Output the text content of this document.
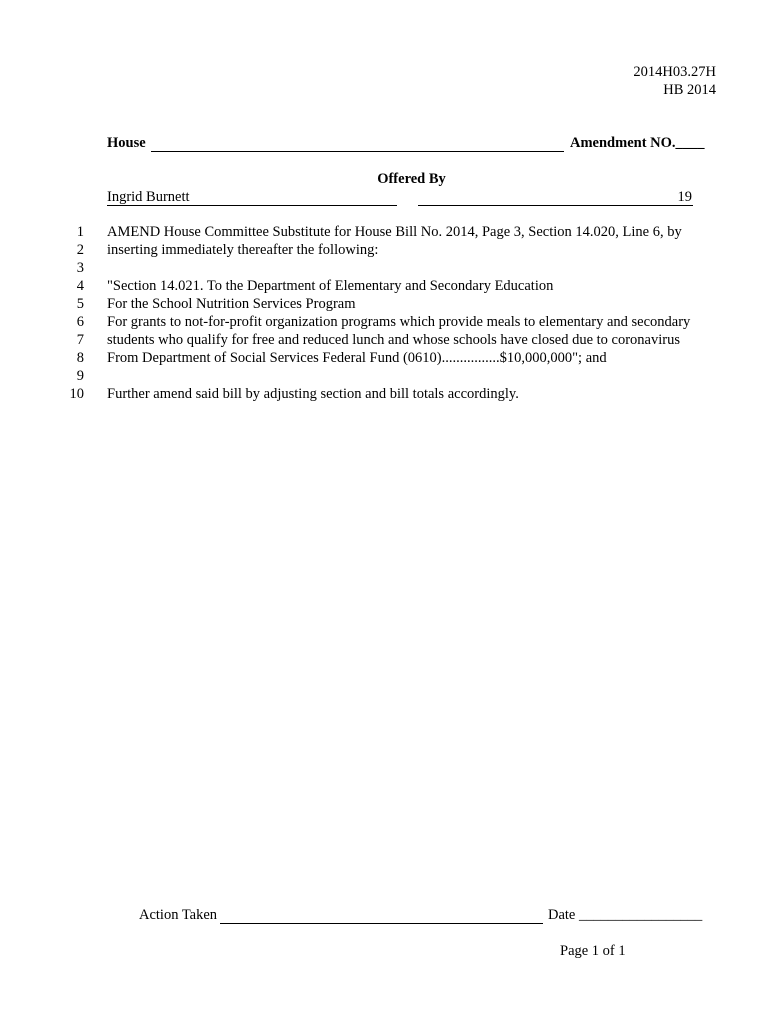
2014H03.27H
HB 2014
House	Amendment NO.____
Offered By
Ingrid Burnett	19
1 AMEND House Committee Substitute for House Bill No. 2014, Page 3, Section 14.020, Line 6, by
2 inserting immediately thereafter the following:
3
4 "Section 14.021. To the Department of Elementary and Secondary Education
5 For the School Nutrition Services Program
6 For grants to not-for-profit organization programs which provide meals to elementary and secondary
7 students who qualify for free and reduced lunch and whose schools have closed due to coronavirus
8 From Department of Social Services Federal Fund (0610)................$10,000,000"; and
9
10 Further amend said bill by adjusting section and bill totals accordingly.
Action Taken	Date _________________
Page 1 of 1
